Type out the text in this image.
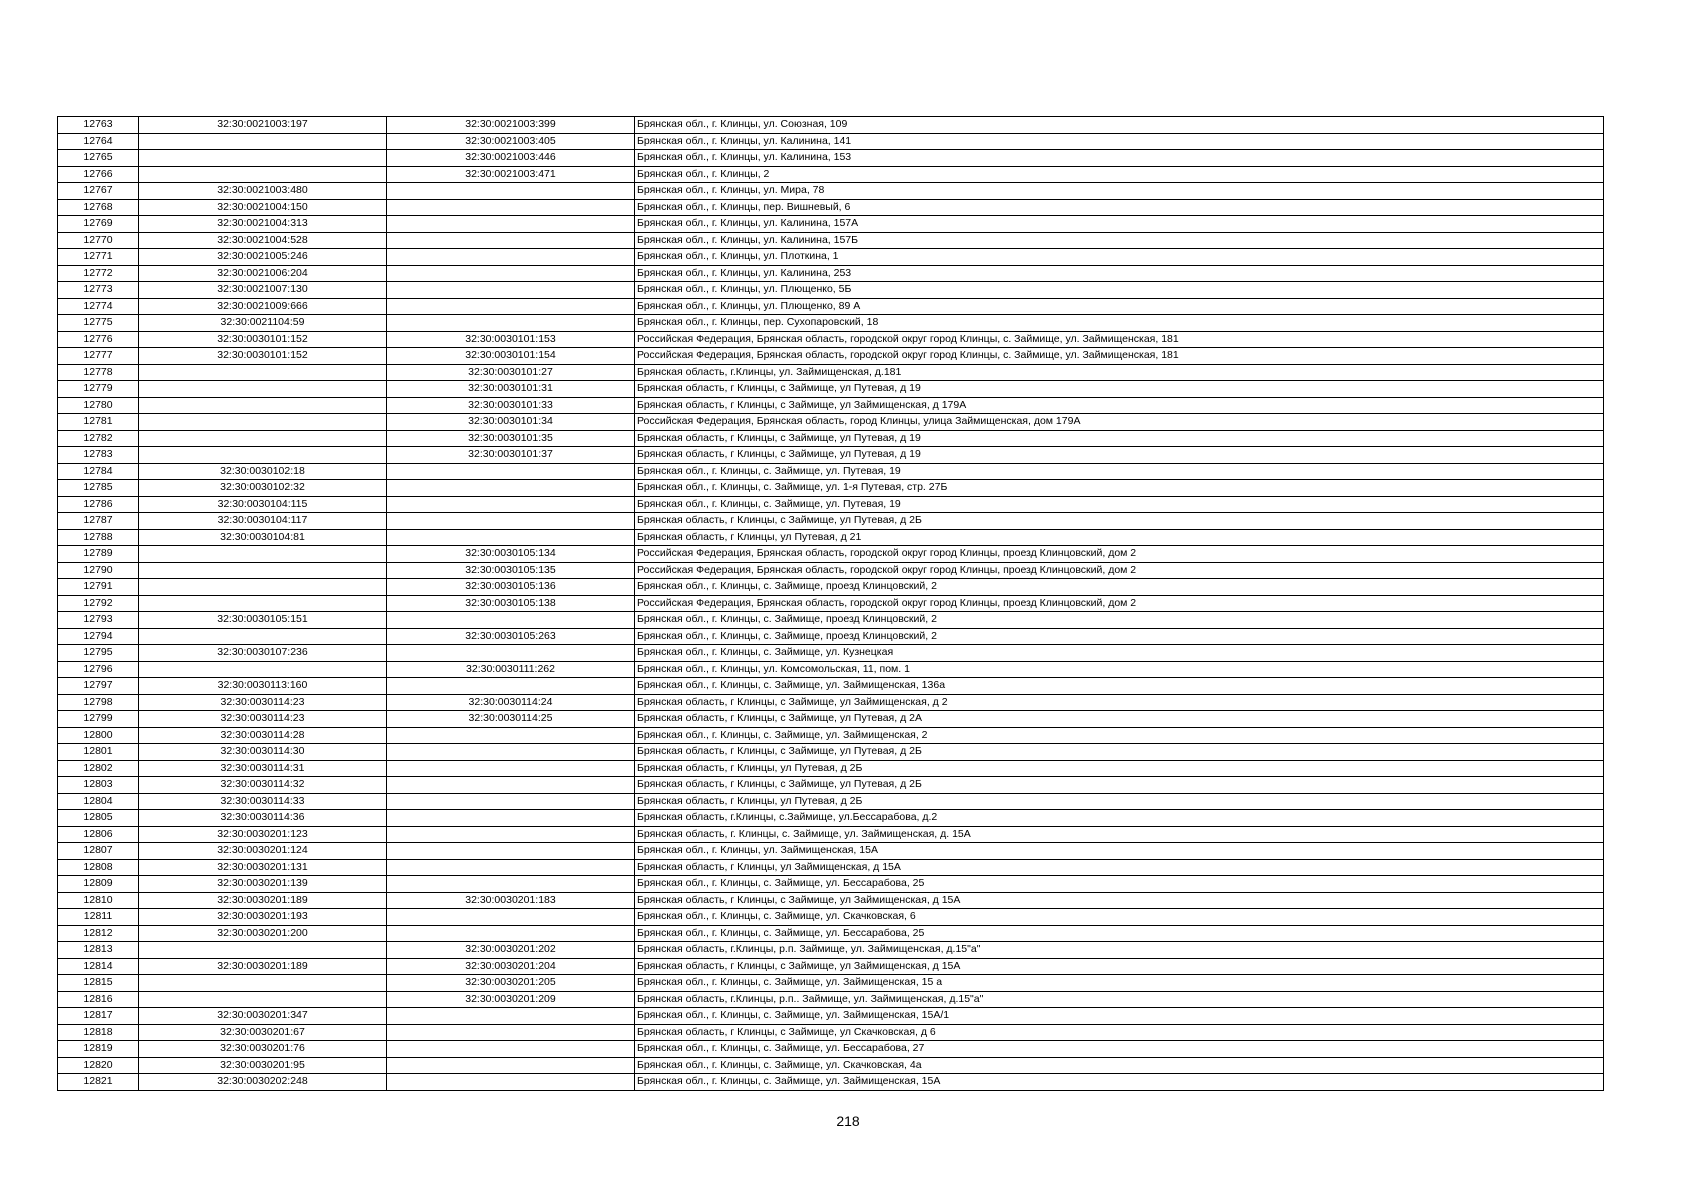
12763	32:30:0021003:197	32:30:0021003:399	Брянская обл., г. Клинцы, ул. Союзная, 109
12764		32:30:0021003:405	Брянская обл., г. Клинцы, ул. Калинина, 141
12765		32:30:0021003:446	Брянская обл., г. Клинцы, ул. Калинина, 153
12766		32:30:0021003:471	Брянская обл., г. Клинцы, 2
12767	32:30:0021003:480		Брянская обл., г. Клинцы, ул. Мира, 78
12768	32:30:0021004:150		Брянская обл., г. Клинцы, пер. Вишневый, 6
12769	32:30:0021004:313		Брянская обл., г. Клинцы, ул. Калинина, 157А
12770	32:30:0021004:528		Брянская обл., г. Клинцы, ул. Калинина, 157Б
12771	32:30:0021005:246		Брянская обл., г. Клинцы, ул. Плоткина, 1
12772	32:30:0021006:204		Брянская обл., г. Клинцы, ул. Калинина, 253
12773	32:30:0021007:130		Брянская обл., г. Клинцы, ул. Плющенко, 5Б
12774	32:30:0021009:666		Брянская обл., г. Клинцы, ул. Плющенко, 89 А
12775	32:30:0021104:59		Брянская обл., г. Клинцы, пер. Сухопаровский, 18
12776	32:30:0030101:152	32:30:0030101:153	Российская Федерация, Брянская область, городской округ город Клинцы, с. Займище, ул. Займищенская, 181
12777	32:30:0030101:152	32:30:0030101:154	Российская Федерация, Брянская область, городской округ город Клинцы, с. Займище, ул. Займищенская, 181
12778		32:30:0030101:27	Брянская область, г.Клинцы, ул. Займищенская, д.181
12779		32:30:0030101:31	Брянская область, г Клинцы, с Займище, ул Путевая, д 19
12780		32:30:0030101:33	Брянская область, г Клинцы, с Займище, ул Займищенская, д 179А
12781		32:30:0030101:34	Российская Федерация, Брянская область, город Клинцы, улица Займищенская, дом 179А
12782		32:30:0030101:35	Брянская область, г Клинцы, с Займище, ул Путевая, д 19
12783		32:30:0030101:37	Брянская область, г Клинцы, с Займище, ул Путевая, д 19
12784	32:30:0030102:18		Брянская обл., г. Клинцы, с. Займище, ул. Путевая, 19
12785	32:30:0030102:32		Брянская обл., г. Клинцы, с. Займище, ул. 1-я Путевая, стр. 27Б
12786	32:30:0030104:115		Брянская обл., г. Клинцы, с. Займище, ул. Путевая, 19
12787	32:30:0030104:117		Брянская область, г Клинцы, с Займище, ул Путевая, д 2Б
12788	32:30:0030104:81		Брянская область, г Клинцы, ул Путевая, д 21
12789		32:30:0030105:134	Российская Федерация, Брянская область, городской округ город Клинцы, проезд Клинцовский, дом 2
12790		32:30:0030105:135	Российская Федерация, Брянская область, городской округ город Клинцы, проезд Клинцовский, дом 2
12791		32:30:0030105:136	Брянская обл., г. Клинцы, с. Займище, проезд Клинцовский, 2
12792		32:30:0030105:138	Российская Федерация, Брянская область, городской округ город Клинцы, проезд Клинцовский, дом 2
12793	32:30:0030105:151		Брянская обл., г. Клинцы, с. Займище, проезд Клинцовский, 2
12794		32:30:0030105:263	Брянская обл., г. Клинцы, с. Займище, проезд Клинцовский, 2
12795	32:30:0030107:236		Брянская обл., г. Клинцы, с. Займище, ул. Кузнецкая
12796		32:30:0030111:262	Брянская обл., г. Клинцы, ул. Комсомольская, 11, пом. 1
12797	32:30:0030113:160		Брянская обл., г. Клинцы, с. Займище, ул. Займищенская, 136а
12798	32:30:0030114:23	32:30:0030114:24	Брянская область, г Клинцы, с Займище, ул Займищенская, д 2
12799	32:30:0030114:23	32:30:0030114:25	Брянская область, г Клинцы, с Займище, ул Путевая, д 2А
12800	32:30:0030114:28		Брянская обл., г. Клинцы, с. Займище, ул. Займищенская, 2
12801	32:30:0030114:30		Брянская область, г Клинцы, с Займище, ул Путевая, д 2Б
12802	32:30:0030114:31		Брянская область, г Клинцы, ул Путевая, д 2Б
12803	32:30:0030114:32		Брянская область, г Клинцы, с Займище, ул Путевая, д 2Б
12804	32:30:0030114:33		Брянская область, г Клинцы, ул Путевая, д 2Б
12805	32:30:0030114:36		Брянская область, г.Клинцы, с.Займище, ул.Бессарабова, д.2
12806	32:30:0030201:123		Брянская область, г. Клинцы, с. Займище, ул. Займищенская, д. 15А
12807	32:30:0030201:124		Брянская обл., г. Клинцы, ул. Займищенская, 15А
12808	32:30:0030201:131		Брянская область, г Клинцы, ул Займищенская, д 15А
12809	32:30:0030201:139		Брянская обл., г. Клинцы, с. Займище, ул. Бессарабова, 25
12810	32:30:0030201:189	32:30:0030201:183	Брянская область, г Клинцы, с Займище, ул Займищенская, д 15А
12811	32:30:0030201:193		Брянская обл., г. Клинцы, с. Займище, ул. Скачковская, 6
12812	32:30:0030201:200		Брянская обл., г. Клинцы, с. Займище, ул. Бессарабова, 25
12813		32:30:0030201:202	Брянская область, г.Клинцы, р.п. Займище, ул. Займищенская, д.15"а"
12814	32:30:0030201:189	32:30:0030201:204	Брянская область, г Клинцы, с Займище, ул Займищенская, д 15А
12815		32:30:0030201:205	Брянская обл., г. Клинцы, с. Займище, ул. Займищенская, 15 а
12816		32:30:0030201:209	Брянская область, г.Клинцы, р.п.. Займище, ул. Займищенская, д.15"а"
12817	32:30:0030201:347		Брянская обл., г. Клинцы, с. Займище, ул. Займищенская, 15А/1
12818	32:30:0030201:67		Брянская область, г Клинцы, с Займище, ул Скачковская, д 6
12819	32:30:0030201:76		Брянская обл., г. Клинцы, с. Займище, ул. Бессарабова, 27
12820	32:30:0030201:95		Брянская обл., г. Клинцы, с. Займище, ул. Скачковская, 4а
12821	32:30:0030202:248		Брянская обл., г. Клинцы, с. Займище, ул. Займищенская, 15А
218
